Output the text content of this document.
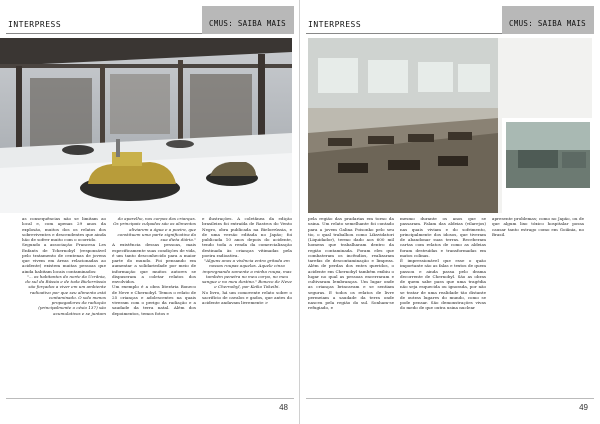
INTERPRESS	CMUS: SAIBA MAIS

as consequências não se limitam ao local e, com apenas 29 anos da explosão, muitos dos os relatos dos sobreviventes e descendentes que ainda hão de sofrer muito com o ocorrido.

Segundo a associação Francesa Les Enfants de Tchernobyl (responsável pelo tratamento de centenas de jovens que vivem em áreas relacionadas ao acidente) existem muitas pessoas que ainda habitam locais contaminados:

"... os habitantes do norte da Ucrânia, do sul da Rússia e de toda Bielorrússia são forçados a viver em um ambiente radioativo por que seu alimento está contaminado. O solo menos propagadores da radiação (principalmente o césio 137) são acumulativos e se juntam

do aparelho, nos corpos das crianças. Os principais culpados são os alimentos aliviarem a água e a poeira, que constituem uma parte significativa da sua dieta diária."

A existência dessas pessoas, mais especificamente suas condições de vida, é um tanto desconhecido para a maior parte do mundo. Foi pensando em aumentar a solidariedade por meio de informação que muitos autores se dispuseram a coletar relatos dos envolvidos.

Um exemplo é a obra literária Boneco de Neve e Chernobyl. Temos o relato de 25 crianças e adolescentes na quais viveram com o perigo da radiação e a saudade da terra natal. Além dos depoimentos, temos fotos e

e ilustrações. A coletânea da edição brasileira foi extraída de Rastros do Vento Negro, obra publicada na Bielorrússia, e de uma versão editada no Japão; foi publicada 10 anos depois do acidente, tendo toda a renda da comercialização destinada às crianças vitimadas pela poeira radioativa.

"Alguns anos a vivência entra gritada em nossas roupas aquelas. Aquele cinza impregnando somente a minha roupa, mas também penetra no meu corpo, no meu sangue e no meu destino." Boneco de Neve e Chernobyl, por Keiko Tokeibi.

No livro, há um comovente relato sobre o sacrifício de cavalos e gados, que antes do acidente andavam livremente >

48
INTERPRESS	CMUS: SAIBA MAIS

pela região das pradarias em torno da usina. Um relato semelhante foi contado para a jovem Galina Poisonko pelo seu tio, o qual trabalhou como Liksvidatori (Liquidador), termo dado aos 600 mil homens que trabalharam dentro da região contaminada. Foram eles que combateram os incêndios, realizaram tarefas de descontaminação e limpeza. Além de perdas dos entes queridos, o acidente em Chernobyl também exibiu o lugar no qual as pessoas encerraram e cultivaram lembranças. Um lugar onde as crianças brincavam e se sentiam seguras. E todos os relatos de livre permeiam a saudade da terra onde nasceu pela região do sul. Sonham-se refugiado, e

mesmo durante os anos que se passaram. Falam das aldeias (vilarejos) nas quais viviam e do sofrimento, principalmente dos idosos, que tiveram de abandonar suas terras. Receberam cartas com relatos de como as aldeias foram destruídas e transformadas em matos colinas.

É impressionável que esse o quão importante são as falas e textos de quem passou e ainda passa pelo drama decorrente de Chernobyl. São as obras de quem sabe para que uma tragédia não seja esquecida ou ignorada, por não se tratar de uma realidade tão distante de outras lugares do mundo, como se pode pensar. São demonstrações vivas do medo de que outra usina nuclear

apresente problemas; como no Japão, ou de que algum lixo tóxico hospitalar possa causar tanto estrago como em Goiânia, no Brasil.

49
